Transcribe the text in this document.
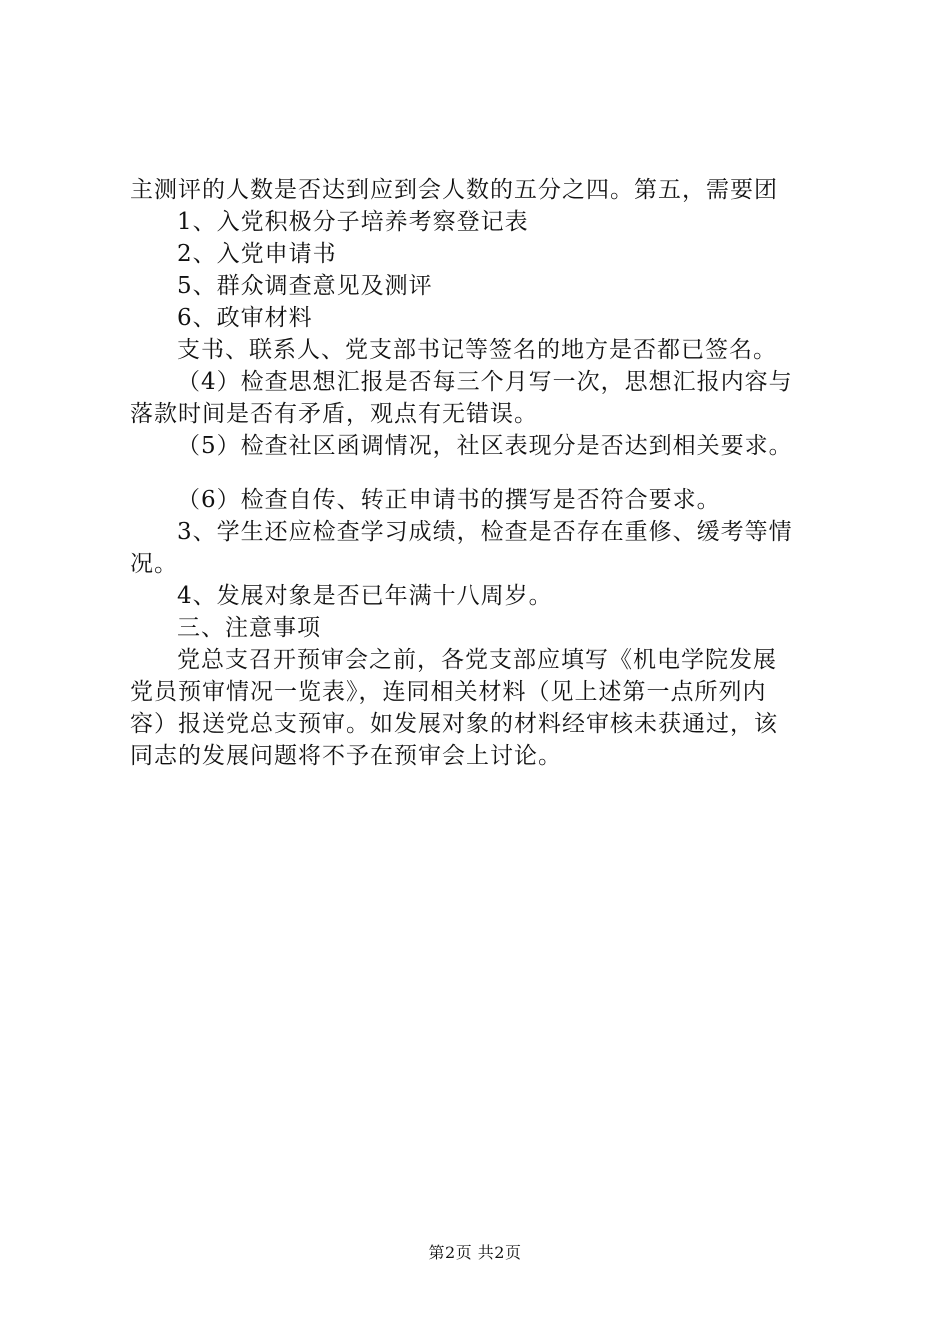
主测评的人数是否达到应到会人数的五分之四。第五，需要团
1、入党积极分子培养考察登记表
2、入党申请书
5、群众调查意见及测评
6、政审材料
支书、联系人、党支部书记等签名的地方是否都已签名。
（4）检查思想汇报是否每三个月写一次，思想汇报内容与
落款时间是否有矛盾，观点有无错误。
（5）检查社区函调情况，社区表现分是否达到相关要求。
（6）检查自传、转正申请书的撰写是否符合要求。
3、学生还应检查学习成绩，检查是否存在重修、缓考等情
况。
4、发展对象是否已年满十八周岁。
三、注意事项
党总支召开预审会之前，各党支部应填写《机电学院发展
党员预审情况一览表》，连同相关材料（见上述第一点所列内
容）报送党总支预审。如发展对象的材料经审核未获通过，该
同志的发展问题将不予在预审会上讨论。
第2页 共2页
